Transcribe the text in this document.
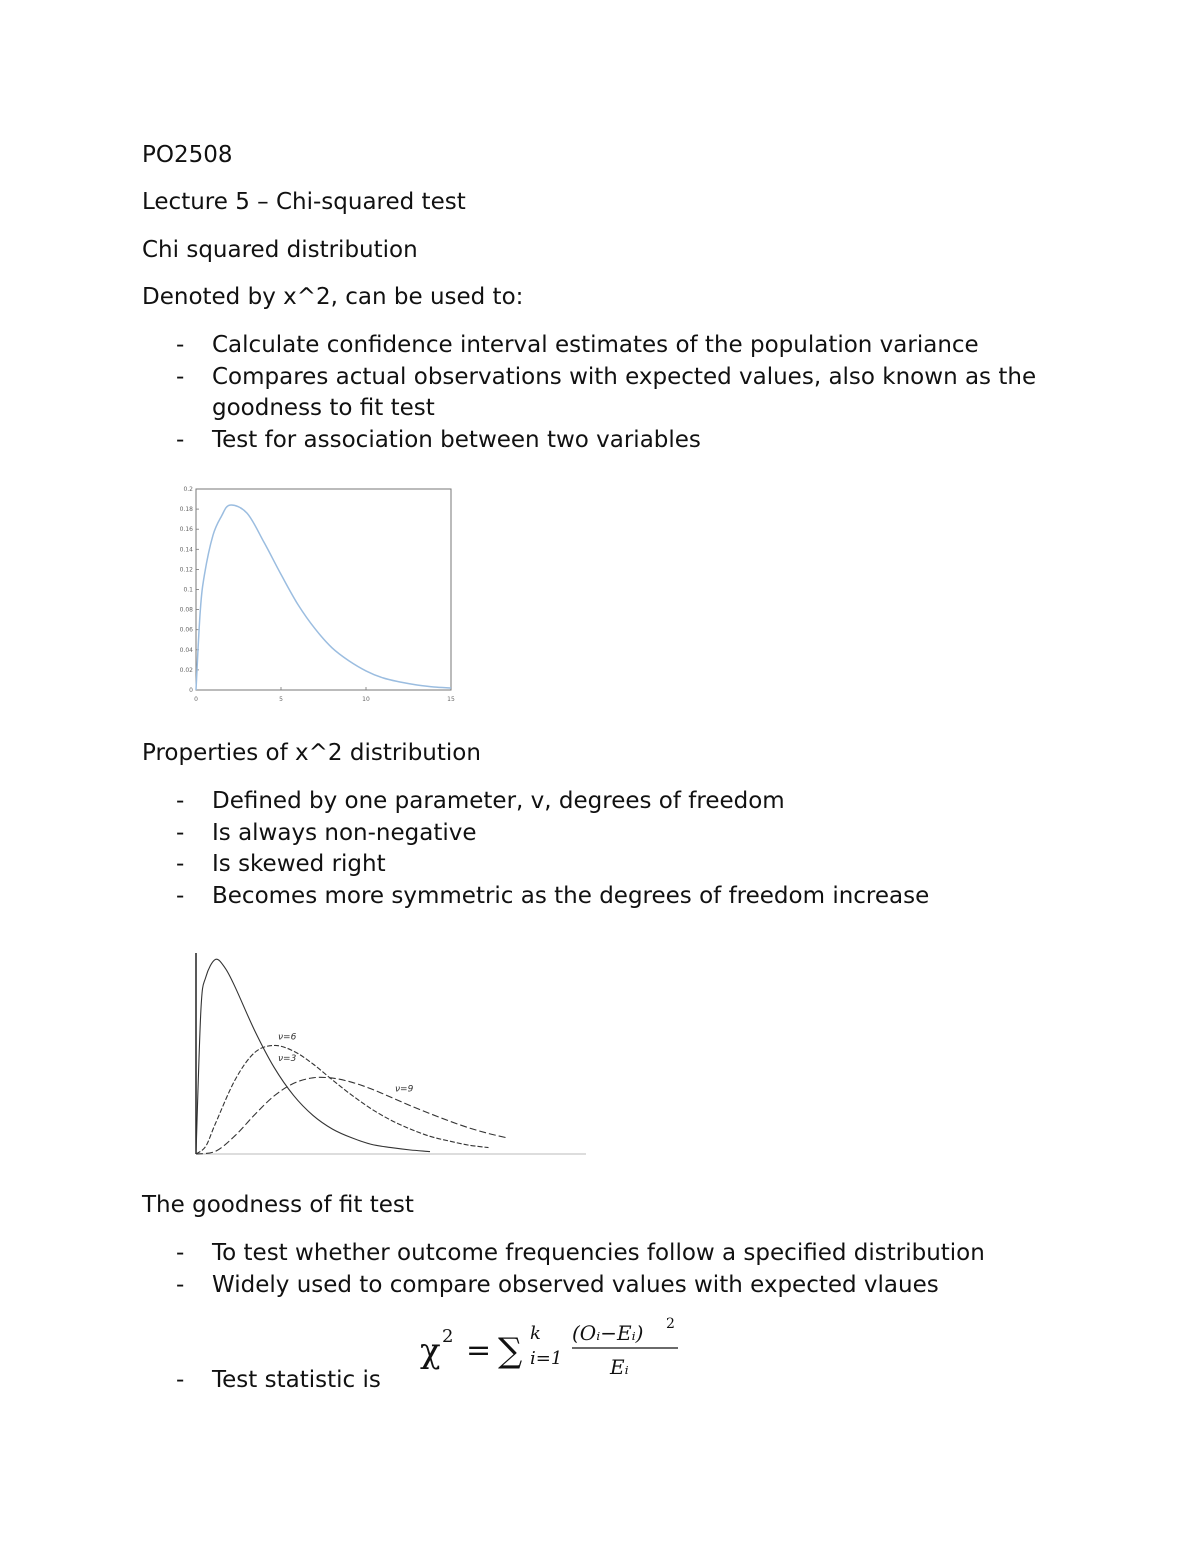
PO2508
Lecture 5 – Chi-squared test
Chi squared distribution
Denoted by x^2, can be used to:
- Calculate confidence interval estimates of the population variance
- Compares actual observations with expected values, also known as the goodness to fit test
- Test for association between two variables
0
0.02
0.04
0.06
0.08
0.1
0.12
0.14
0.16
0.18
0.2
0	5	10	15
Properties of x^2 distribution
- Defined by one parameter, v, degrees of freedom
- Is always non-negative
- Is skewed right
- Becomes more symmetric as the degrees of freedom increase
ν=3
ν=6
ν=9
The goodness of fit test
- To test whether outcome frequencies follow a specified distribution
- Widely used to compare observed values with expected vlaues
- Test statistic is
χ 2 = ∑ k
i=1
(Oᵢ−Eᵢ) 2
Eᵢ
